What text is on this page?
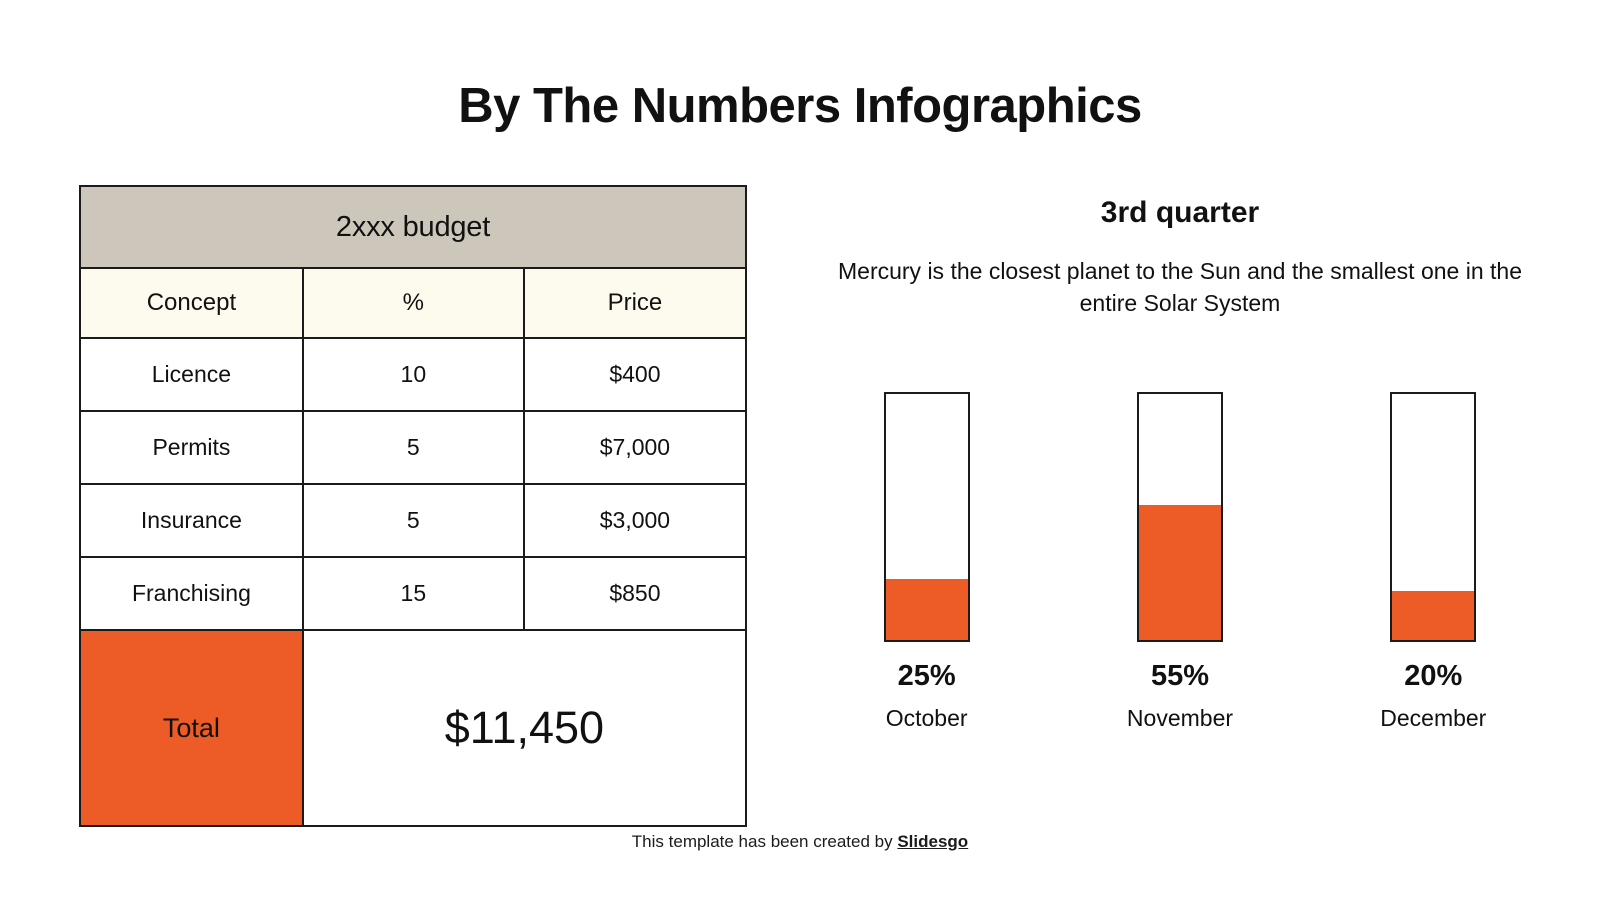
By The Numbers Infographics
2xxx budget		
Concept	%	Price
Licence	10	$400
Permits	5	$7,000
Insurance	5	$3,000
Franchising	15	$850
Total	$11,450	
3rd quarter
Mercury is the closest planet to the Sun and the smallest one in the entire Solar System
25%
October
55%
November
20%
December
This template has been created by Slidesgo
